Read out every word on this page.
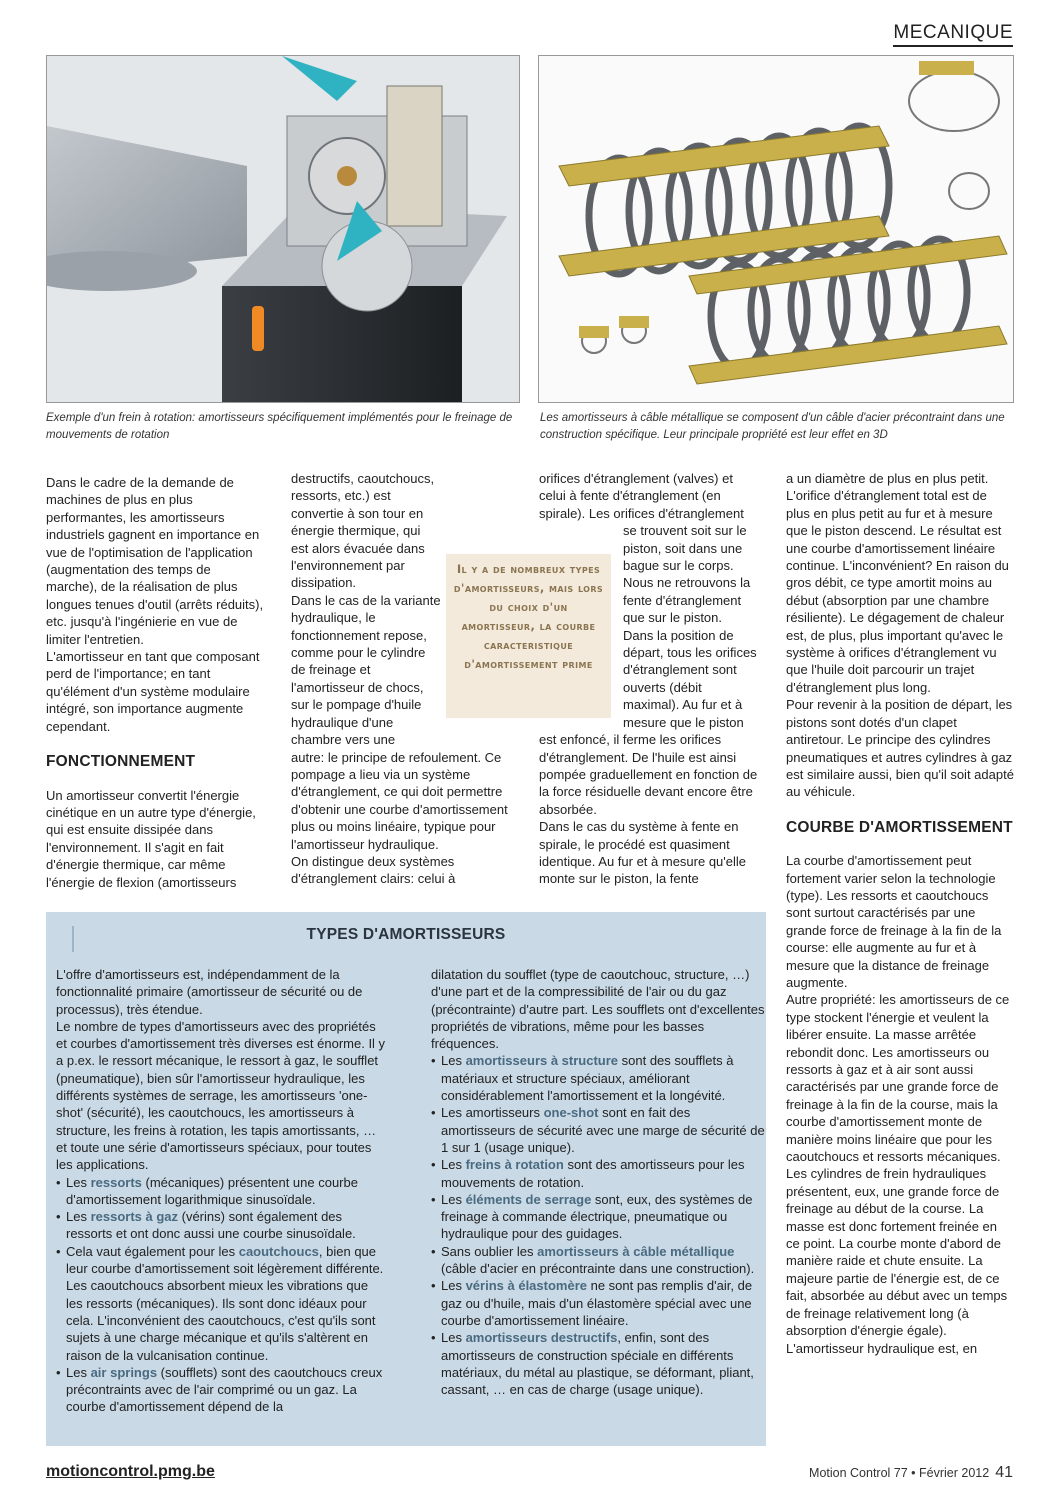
MECANIQUE
Exemple d'un frein à rotation: amortisseurs spécifiquement implémentés pour le freinage de mouvements de rotation
Les amortisseurs à câble métallique se composent d'un câble d'acier précontraint dans une construction spécifique. Leur principale propriété est leur effet en 3D

Dans le cadre de la demande de machines de plus en plus performantes, les amortisseurs industriels gagnent en importance en vue de l'optimisation de l'application (augmentation des temps de marche), de la réalisation de plus longues tenues d'outil (arrêts réduits), etc. jusqu'à l'ingénierie en vue de limiter l'entretien.

L'amortisseur en tant que composant perd de l'importance; en tant qu'élément d'un système modulaire intégré, son importance augmente cependant.

FONCTIONNEMENT

Un amortisseur convertit l'énergie cinétique en un autre type d'énergie, qui est ensuite dissipée dans l'environnement. Il s'agit en fait d'énergie thermique, car même l'énergie de flexion (amortisseurs

destructifs, caoutchoucs, ressorts, etc.) est convertie à son tour en énergie thermique, qui est alors évacuée dans l'environnement par dissipation.

Dans le cas de la variante hydraulique, le fonctionnement repose, comme pour le cylindre de freinage et l'amortisseur de chocs, sur le pompage d'huile hydraulique d'une chambre vers une

autre: le principe de refoulement. Ce pompage a lieu via un système d'étranglement, ce qui doit permettre d'obtenir une courbe d'amortissement plus ou moins linéaire, typique pour l'amortisseur hydraulique.

On distingue deux systèmes d'étranglement clairs: celui à

orifices d'étranglement (valves) et celui à fente d'étranglement (en spirale). Les orifices d'étranglement

se trouvent soit sur le piston, soit dans une bague sur le corps. Nous ne retrouvons la fente d'étranglement que sur le piston.

Dans la position de départ, tous les orifices d'étranglement sont ouverts (débit maximal). Au fur et à mesure que le piston

est enfoncé, il ferme les orifices d'étranglement. De l'huile est ainsi pompée graduellement en fonction de la force résiduelle devant encore être absorbée.

Dans le cas du système à fente en spirale, le procédé est quasiment identique. Au fur et à mesure qu'elle monte sur le piston, la fente

Il y a de nombreux types d'amortisseurs, mais lors du choix d'un amortisseur, la courbe caracteristique d'amortissement prime

a un diamètre de plus en plus petit. L'orifice d'étranglement total est de plus en plus petit au fur et à mesure que le piston descend. Le résultat est une courbe d'amortissement linéaire continue. L'inconvénient? En raison du gros débit, ce type amortit moins au début (absorption par une chambre résiliente). Le dégagement de chaleur est, de plus, plus important qu'avec le système à orifices d'étranglement vu que l'huile doit parcourir un trajet d'étranglement plus long.

Pour revenir à la position de départ, les pistons sont dotés d'un clapet antiretour. Le principe des cylindres pneumatiques et autres cylindres à gaz est similaire aussi, bien qu'il soit adapté au véhicule.

COURBE D'AMORTISSEMENT

La courbe d'amortissement peut fortement varier selon la technologie (type). Les ressorts et caoutchoucs sont surtout caractérisés par une grande force de freinage à la fin de la course: elle augmente au fur et à mesure que la distance de freinage augmente.

Autre propriété: les amortisseurs de ce type stockent l'énergie et veulent la libérer ensuite. La masse arrêtée rebondit donc. Les amortisseurs ou ressorts à gaz et à air sont aussi caractérisés par une grande force de freinage à la fin de la course, mais la courbe d'amortissement monte de manière moins linéaire que pour les caoutchoucs et ressorts mécaniques.

Les cylindres de frein hydrauliques présentent, eux, une grande force de freinage au début de la course. La masse est donc fortement freinée en ce point. La courbe monte d'abord de manière raide et chute ensuite. La majeure partie de l'énergie est, de ce fait, absorbée au début avec un temps de freinage relativement long (à absorption d'énergie égale).

L'amortisseur hydraulique est, en

TYPES D'AMORTISSEURS

L'offre d'amortisseurs est, indépendamment de la fonctionnalité primaire (amortisseur de sécurité ou de processus), très étendue.

Le nombre de types d'amortisseurs avec des propriétés et courbes d'amortissement très diverses est énorme. Il y a p.ex. le ressort mécanique, le ressort à gaz, le soufflet (pneumatique), bien sûr l'amortisseur hydraulique, les différents systèmes de serrage, les amortisseurs 'one-shot' (sécurité), les caoutchoucs, les amortisseurs à structure, les freins à rotation, les tapis amortissants, … et toute une série d'amortisseurs spéciaux, pour toutes les applications.

• Les ressorts (mécaniques) présentent une courbe d'amortissement logarithmique sinusoïdale.
• Les ressorts à gaz (vérins) sont également des ressorts et ont donc aussi une courbe sinusoïdale.
• Cela vaut également pour les caoutchoucs, bien que leur courbe d'amortissement soit légèrement différente. Les caoutchoucs absorbent mieux les vibrations que les ressorts (mécaniques). Ils sont donc idéaux pour cela. L'inconvénient des caoutchoucs, c'est qu'ils sont sujets à une charge mécanique et qu'ils s'altèrent en raison de la vulcanisation continue.
• Les air springs (soufflets) sont des caoutchoucs creux précontraints avec de l'air comprimé ou un gaz. La courbe d'amortissement dépend de la

dilatation du soufflet (type de caoutchouc, structure, …) d'une part et de la compressibilité de l'air ou du gaz (précontrainte) d'autre part. Les soufflets ont d'excellentes propriétés de vibrations, même pour les basses fréquences.

• Les amortisseurs à structure sont des soufflets à matériaux et structure spéciaux, améliorant considérablement l'amortissement et la longévité.
• Les amortisseurs one-shot sont en fait des amortisseurs de sécurité avec une marge de sécurité de 1 sur 1 (usage unique).
• Les freins à rotation sont des amortisseurs pour les mouvements de rotation.
• Les éléments de serrage sont, eux, des systèmes de freinage à commande électrique, pneumatique ou hydraulique pour des guidages.
• Sans oublier les amortisseurs à câble métallique (câble d'acier en précontrainte dans une construction).
• Les vérins à élastomère ne sont pas remplis d'air, de gaz ou d'huile, mais d'un élastomère spécial avec une courbe d'amortissement linéaire.
• Les amortisseurs destructifs, enfin, sont des amortisseurs de construction spéciale en différents matériaux, du métal au plastique, se déformant, pliant, cassant, … en cas de charge (usage unique).
motioncontrol.pmg.be	Motion Control 77 • Février 2012 41
